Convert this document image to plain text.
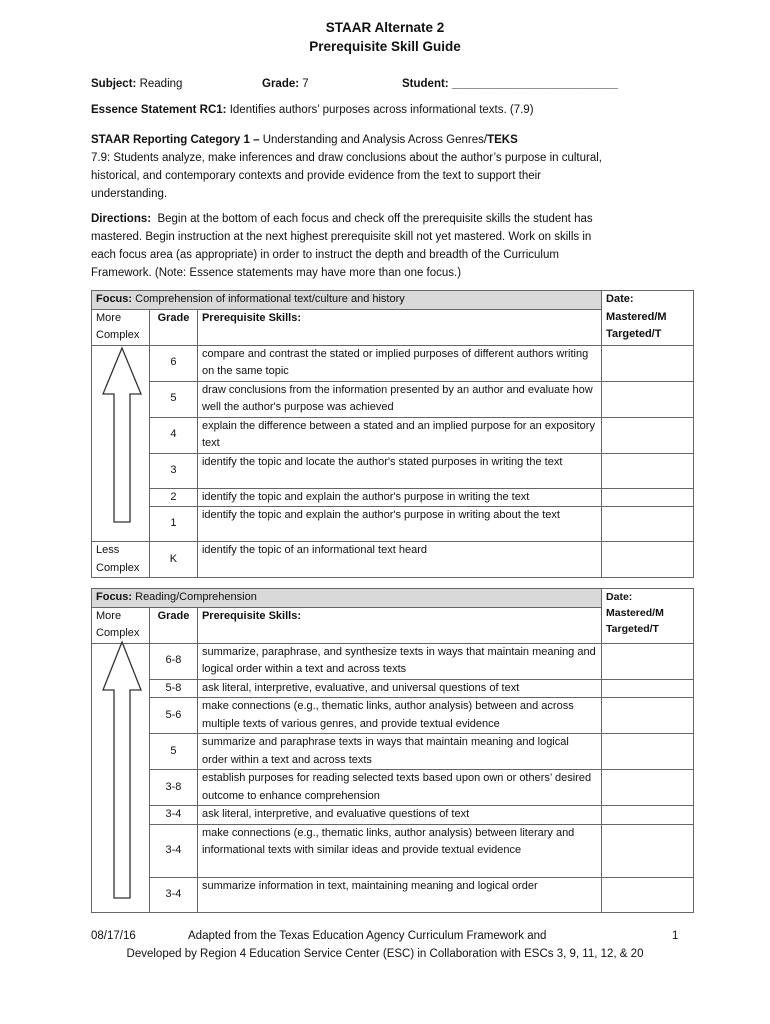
STAAR Alternate 2
Prerequisite Skill Guide
Subject: Reading	Grade: 7	Student: __________________________
Essence Statement RC1: Identifies authors’ purposes across informational texts. (7.9)
STAAR Reporting Category 1 – Understanding and Analysis Across Genres/TEKS
7.9: Students analyze, make inferences and draw conclusions about the author’s purpose in cultural,
historical, and contemporary contexts and provide evidence from the text to support their
understanding.
Directions: Begin at the bottom of each focus and check off the prerequisite skills the student has
mastered. Begin instruction at the next highest prerequisite skill not yet mastered. Work on skills in
each focus area (as appropriate) in order to instruct the depth and breadth of the Curriculum
Framework. (Note: Essence statements may have more than one focus.)
Focus: Comprehension of informational text/culture and history			Date:
Mastered/M
Targeted/T

More
Complex	Grade	Prerequisite Skills:	
	6	compare and contrast the stated or implied purposes of different authors writing on the same topic	
	5	draw conclusions from the information presented by an author and evaluate how well the author's purpose was achieved	
	4	explain the difference between a stated and an implied purpose for an expository text	
	3	identify the topic and locate the author's stated purposes in writing the text	
	2	identify the topic and explain the author's purpose in writing the text	
	1	identify the topic and explain the author's purpose in writing about the text	

Less
Complex	K	identify the topic of an informational text heard	
Focus: Reading/Comprehension			Date:
Mastered/M
Targeted/T

More
Complex	Grade	Prerequisite Skills:	
	6-8	summarize, paraphrase, and synthesize texts in ways that maintain meaning and logical order within a text and across texts	
	5-8	ask literal, interpretive, evaluative, and universal questions of text	
	5-6	make connections (e.g., thematic links, author analysis) between and across multiple texts of various genres, and provide textual evidence	
	5	summarize and paraphrase texts in ways that maintain meaning and logical order within a text and across texts	
	3-8	establish purposes for reading selected texts based upon own or others’ desired outcome to enhance comprehension	
	3-4	ask literal, interpretive, and evaluative questions of text	
	3-4	make connections (e.g., thematic links, author analysis) between literary and informational texts with similar ideas and provide textual evidence	
	3-4	summarize information in text, maintaining meaning and logical order	
08/17/16	Adapted from the Texas Education Agency Curriculum Framework and	1
Developed by Region 4 Education Service Center (ESC) in Collaboration with ESCs 3, 9, 11, 12, & 20
